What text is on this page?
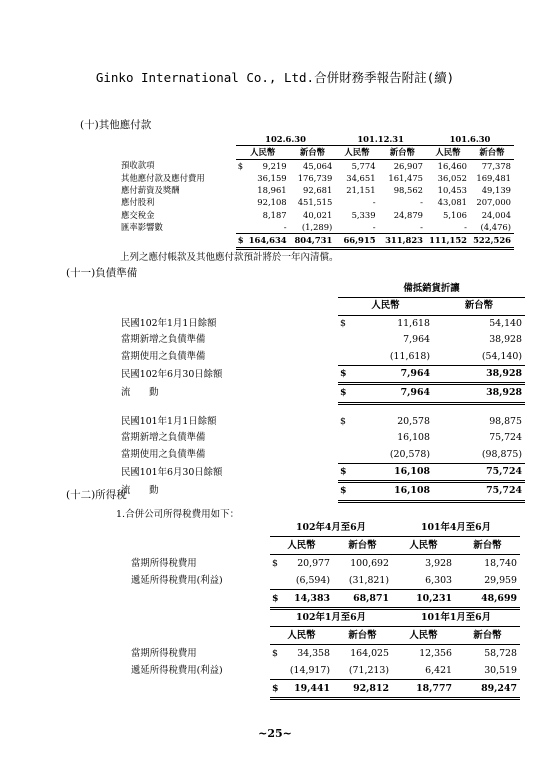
Ginko International Co., Ltd.合併財務季報告附註(續)
(十)其他應付款
	102.6.30			101.12.31		101.6.30	
	人民幣		新台幣	人民幣	新台幣	人民幣	新台幣
預收款項	$	9,219	45,064	5,774	26,907	16,460	77,378
其他應付款及應付費用		36,159	176,739	34,651	161,475	36,052	169,481
應付薪資及獎酬		18,961	92,681	21,151	98,562	10,453	49,139
應付股利		92,108	451,515	-	-	43,081	207,000
應交稅金		8,187	40,021	5,339	24,879	5,106	24,004
匯率影響數		-	(1,289)	-	-	-	(4,476)
	$	164,634	804,731	66,915	311,823	111,152	522,526
上列之應付帳款及其他應付款預計將於一年內清償。
(十一)負債準備
	備抵銷貨折讓		
	人民幣		新台幣
民國102年1月1日餘額	$	11,618	54,140
當期新增之負債準備		7,964	38,928
當期使用之負債準備		(11,618)	(54,140)
民國102年6月30日餘額	$	7,964	38,928
流　　動	$	7,964	38,928

民國101年1月1日餘額	$	20,578	98,875
當期新增之負債準備		16,108	75,724
當期使用之負債準備		(20,578)	(98,875)
民國101年6月30日餘額	$	16,108	75,724
流　　動	$	16,108	75,724
(十二)所得稅
1.合併公司所得稅費用如下：
	102年4月至6月			101年4月至6月	
	人民幣		新台幣	人民幣	新台幣
當期所得稅費用	$	20,977	100,692	3,928	18,740
遞延所得稅費用(利益)		(6,594)	(31,821)	6,303	29,959
	$	14,383	68,871	10,231	48,699
	102年1月至6月			101年1月至6月	
	人民幣		新台幣	人民幣	新台幣
當期所得稅費用	$	34,358	164,025	12,356	58,728
遞延所得稅費用(利益)		(14,917)	(71,213)	6,421	30,519
	$	19,441	92,812	18,777	89,247
~25~
